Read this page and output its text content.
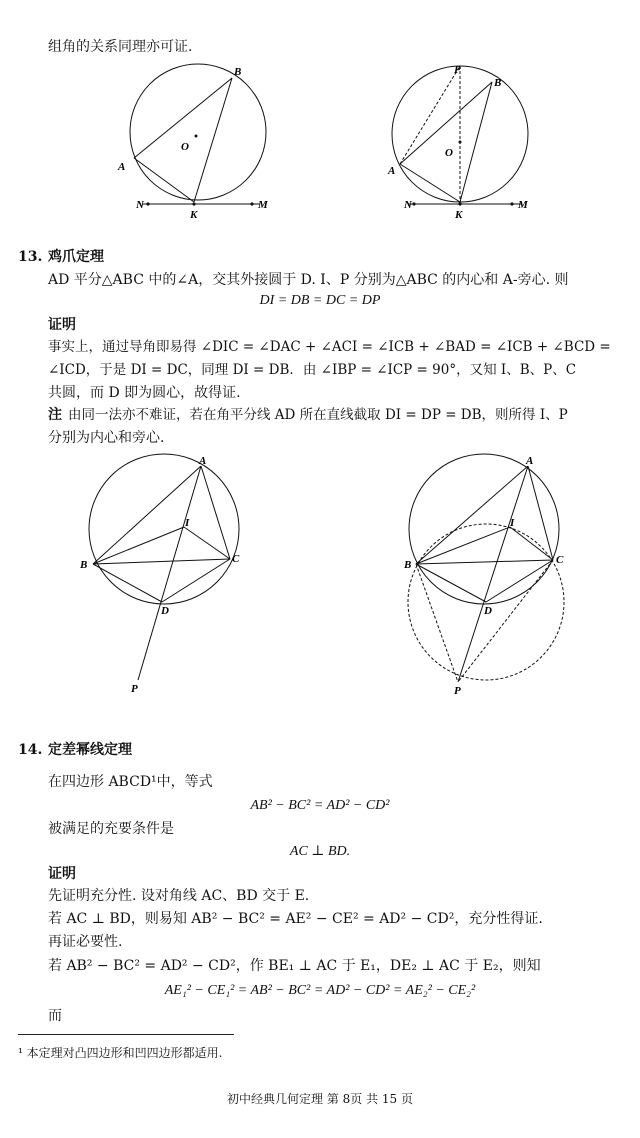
组角的关系同理亦可证.
B
O
A
N
K
M
P
B
O
A
N
K
M
13. 鸡爪定理
AD 平分△ABC 中的∠A，交其外接圆于 D. I、P 分别为△ABC 的内心和 A-旁心. 则
DI = DB = DC = DP
证明
事实上，通过导角即易得 ∠DIC = ∠DAC + ∠ACI = ∠ICB + ∠BAD = ∠ICB + ∠BCD =
∠ICD，于是 DI = DC，同理 DI = DB．由 ∠IBP = ∠ICP = 90°，又知 I、B、P、C
共圆，而 D 即为圆心，故得证.
注 由同一法亦不难证，若在角平分线 AD 所在直线截取 DI = DP = DB，则所得 I、P
分别为内心和旁心.
A
I
B	C
D
P
A
I
B	C
D
P
14. 定差幂线定理
在四边形 ABCD¹中，等式
AB² − BC² = AD² − CD²
被满足的充要条件是
AC ⊥ BD.
证明
先证明充分性. 设对角线 AC、BD 交于 E.
若 AC ⊥ BD，则易知 AB² − BC² = AE² − CE² = AD² − CD²，充分性得证.
再证必要性.
若 AB² − BC² = AD² − CD²，作 BE₁ ⊥ AC 于 E₁，DE₂ ⊥ AC 于 E₂，则知
AE₁² − CE₁² = AB² − BC² = AD² − CD² = AE₂² − CE₂²
而
¹ 本定理对凸四边形和凹四边形都适用.
初中经典几何定理 第 8页 共 15 页
